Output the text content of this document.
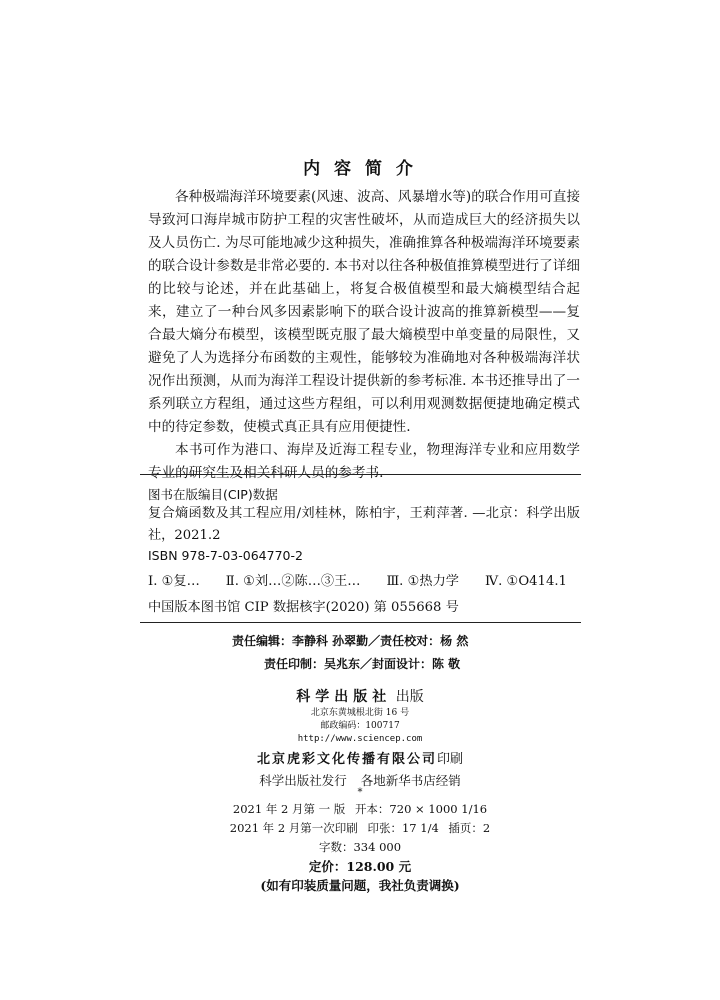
内 容 简 介

各种极端海洋环境要素(风速、波高、风暴增水等)的联合作用可直接导致河口海岸城市防护工程的灾害性破坏，从而造成巨大的经济损失以及人员伤亡. 为尽可能地减少这种损失，准确推算各种极端海洋环境要素的联合设计参数是非常必要的. 本书对以往各种极值推算模型进行了详细的比较与论述，并在此基础上，将复合极值模型和最大熵模型结合起来，建立了一种台风多因素影响下的联合设计波高的推算新模型——复合最大熵分布模型，该模型既克服了最大熵模型中单变量的局限性，又避免了人为选择分布函数的主观性，能够较为准确地对各种极端海洋状况作出预测，从而为海洋工程设计提供新的参考标准. 本书还推导出了一系列联立方程组，通过这些方程组，可以利用观测数据便捷地确定模式中的待定参数，使模式真正具有应用便捷性.

本书可作为港口、海岸及近海工程专业，物理海洋专业和应用数学专业的研究生及相关科研人员的参考书.

图书在版编目(CIP)数据
复合熵函数及其工程应用/刘桂林，陈柏宇，王莉萍著. —北京：科学出版社，2021.2
ISBN 978-7-03-064770-2
Ⅰ. ①复… Ⅱ. ①刘…②陈…③王… Ⅲ. ①热力学 Ⅳ. ①O414.1
中国版本图书馆 CIP 数据核字(2020) 第 055668 号
责任编辑：李静科 孙翠勤／责任校对：杨 然
责任印制：吴兆东／封面设计：陈 敬
科学出版社 出版
北京东黄城根北街 16 号
邮政编码：100717
http://www.sciencep.com
北京虎彩文化传播有限公司印刷
科学出版社发行 各地新华书店经销
*
2021 年 2 月第 一 版 开本：720 × 1000 1/16
2021 年 2 月第一次印刷 印张：17 1/4 插页：2
字数：334 000
定价：128.00 元
(如有印装质量问题，我社负责调换)
